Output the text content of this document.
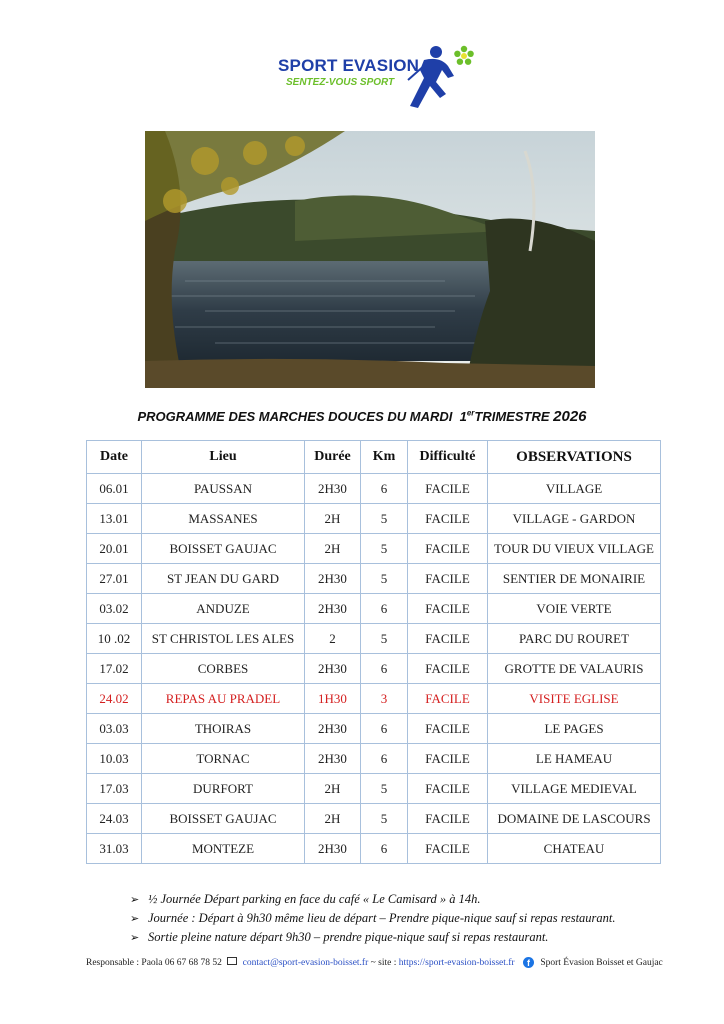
SPORT EVASION
SENTEZ-VOUS SPORT
PROGRAMME DES MARCHES DOUCES DU MARDI 1erTRIMESTRE 2026
Date	Lieu	Durée	Km	Difficulté	OBSERVATIONS
06.01	PAUSSAN	2H30	6	FACILE	VILLAGE
13.01	MASSANES	2H	5	FACILE	VILLAGE - GARDON
20.01	BOISSET GAUJAC	2H	5	FACILE	TOUR DU VIEUX VILLAGE
27.01	ST JEAN DU GARD	2H30	5	FACILE	SENTIER DE MONAIRIE
03.02	ANDUZE	2H30	6	FACILE	VOIE VERTE
10 .02	ST CHRISTOL LES ALES	2	5	FACILE	PARC DU ROURET
17.02	CORBES	2H30	6	FACILE	GROTTE DE VALAURIS
24.02	REPAS AU PRADEL	1H30	3	FACILE	VISITE EGLISE
03.03	THOIRAS	2H30	6	FACILE	LE PAGES
10.03	TORNAC	2H30	6	FACILE	LE HAMEAU
17.03	DURFORT	2H	5	FACILE	VILLAGE MEDIEVAL
24.03	BOISSET GAUJAC	2H	5	FACILE	DOMAINE DE LASCOURS
31.03	MONTEZE	2H30	6	FACILE	CHATEAU
➢ ½ Journée Départ parking en face du café « Le Camisard » à 14h.
➢ Journée : Départ à 9h30 même lieu de départ – Prendre pique-nique sauf si repas restaurant.
➢ Sortie pleine nature départ 9h30 – prendre pique-nique sauf si repas restaurant.
Responsable : Paola 06 67 68 78 52 contact@sport-evasion-boisset.fr ~ site : https://sport-evasion-boisset.fr f Sport Évasion Boisset et Gaujac
